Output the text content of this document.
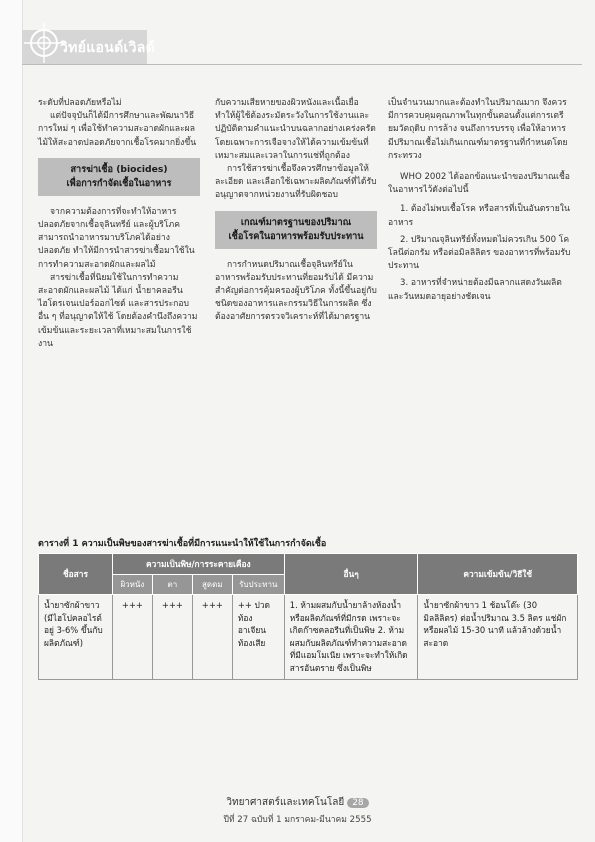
วิทย์แอนด์เวิลด์

ระดับที่ปลอดภัยหรือไม่

แต่ปัจจุบันก็ได้มีการศึกษาและพัฒนาวิธีการใหม่ ๆ เพื่อใช้ทำความสะอาดผักและผลไม้ให้สะอาดปลอดภัยจากเชื้อโรคมากยิ่งขึ้น

สารฆ่าเชื้อ (biocides)
เพื่อการกำจัดเชื้อในอาหาร

จากความต้องการที่จะทำให้อาหารปลอดภัยจากเชื้อจุลินทรีย์ และผู้บริโภคสามารถนำอาหารมาบริโภคได้อย่างปลอดภัย ทำให้มีการนำสารฆ่าเชื้อมาใช้ในการทำความสะอาดผักและผลไม้

สารฆ่าเชื้อที่นิยมใช้ในการทำความสะอาดผักและผลไม้ ได้แก่ น้ำยาคลอรีน ไฮโดรเจนเปอร์ออกไซด์ และสารประกอบอื่น ๆ ที่อนุญาตให้ใช้ โดยต้องคำนึงถึงความเข้มข้นและระยะเวลาที่เหมาะสมในการใช้งาน

กับความเสียหายของผิวหนังและเนื้อเยื่อ ทำให้ผู้ใช้ต้องระมัดระวังในการใช้งานและปฏิบัติตามคำแนะนำบนฉลากอย่างเคร่งครัด โดยเฉพาะการเจือจางให้ได้ความเข้มข้นที่เหมาะสมและเวลาในการแช่ที่ถูกต้อง

การใช้สารฆ่าเชื้อจึงควรศึกษาข้อมูลให้ละเอียด และเลือกใช้เฉพาะผลิตภัณฑ์ที่ได้รับอนุญาตจากหน่วยงานที่รับผิดชอบ

เกณฑ์มาตรฐานของปริมาณ
เชื้อโรคในอาหารพร้อมรับประทาน

การกำหนดปริมาณเชื้อจุลินทรีย์ในอาหารพร้อมรับประทานที่ยอมรับได้ มีความสำคัญต่อการคุ้มครองผู้บริโภค ทั้งนี้ขึ้นอยู่กับชนิดของอาหารและกรรมวิธีในการผลิต ซึ่งต้องอาศัยการตรวจวิเคราะห์ที่ได้มาตรฐาน

เป็นจำนวนมากและต้องทำในปริมาณมาก จึงควรมีการควบคุมคุณภาพในทุกขั้นตอนตั้งแต่การเตรียมวัตถุดิบ การล้าง จนถึงการบรรจุ เพื่อให้อาหารมีปริมาณเชื้อไม่เกินเกณฑ์มาตรฐานที่กำหนดโดยกระทรวง

WHO 2002 ได้ออกข้อแนะนำของปริมาณเชื้อในอาหารไว้ดังต่อไปนี้

1. ต้องไม่พบเชื้อโรค หรือสารที่เป็นอันตรายในอาหาร

2. ปริมาณจุลินทรีย์ทั้งหมดไม่ควรเกิน 500 โคโลนีต่อกรัม หรือต่อมิลลิลิตร ของอาหารที่พร้อมรับประทาน

3. อาหารที่จำหน่ายต้องมีฉลากแสดงวันผลิตและวันหมดอายุอย่างชัดเจน

ตารางที่ 1 ความเป็นพิษของสารฆ่าเชื้อที่มีการแนะนำให้ใช้ในการกำจัดเชื้อ
ชื่อสาร	ความเป็นพิษ/การระคายเคือง				อื่นๆ	ความเข้มข้น/วิธีใช้
	ผิวหนัง	ตา	สูดดม	รับประทาน		
น้ำยาซักผ้าขาว (มีไฮโปคลอไรต์อยู่ 3-6% ขึ้นกับผลิตภัณฑ์)	+++	+++	+++	++ ปวดท้อง อาเจียน ท้องเสีย	1. ห้ามผสมกับน้ำยาล้างห้องน้ำ หรือผลิตภัณฑ์ที่มีกรด เพราะจะเกิดก๊าซคลอรีนที่เป็นพิษ 2. ห้ามผสมกับผลิตภัณฑ์ทำความสะอาดที่มีแอมโมเนีย เพราะจะทำให้เกิดสารอันตราย ซึ่งเป็นพิษ	น้ำยาซักผ้าขาว 1 ช้อนโต๊ะ (30 มิลลิลิตร) ต่อน้ำปริมาณ 3.5 ลิตร แช่ผักหรือผลไม้ 15-30 นาที แล้วล้างด้วยน้ำสะอาด
วิทยาศาสตร์และเทคโนโลยี 28
ปีที่ 27 ฉบับที่ 1 มกราคม-มีนาคม 2555
